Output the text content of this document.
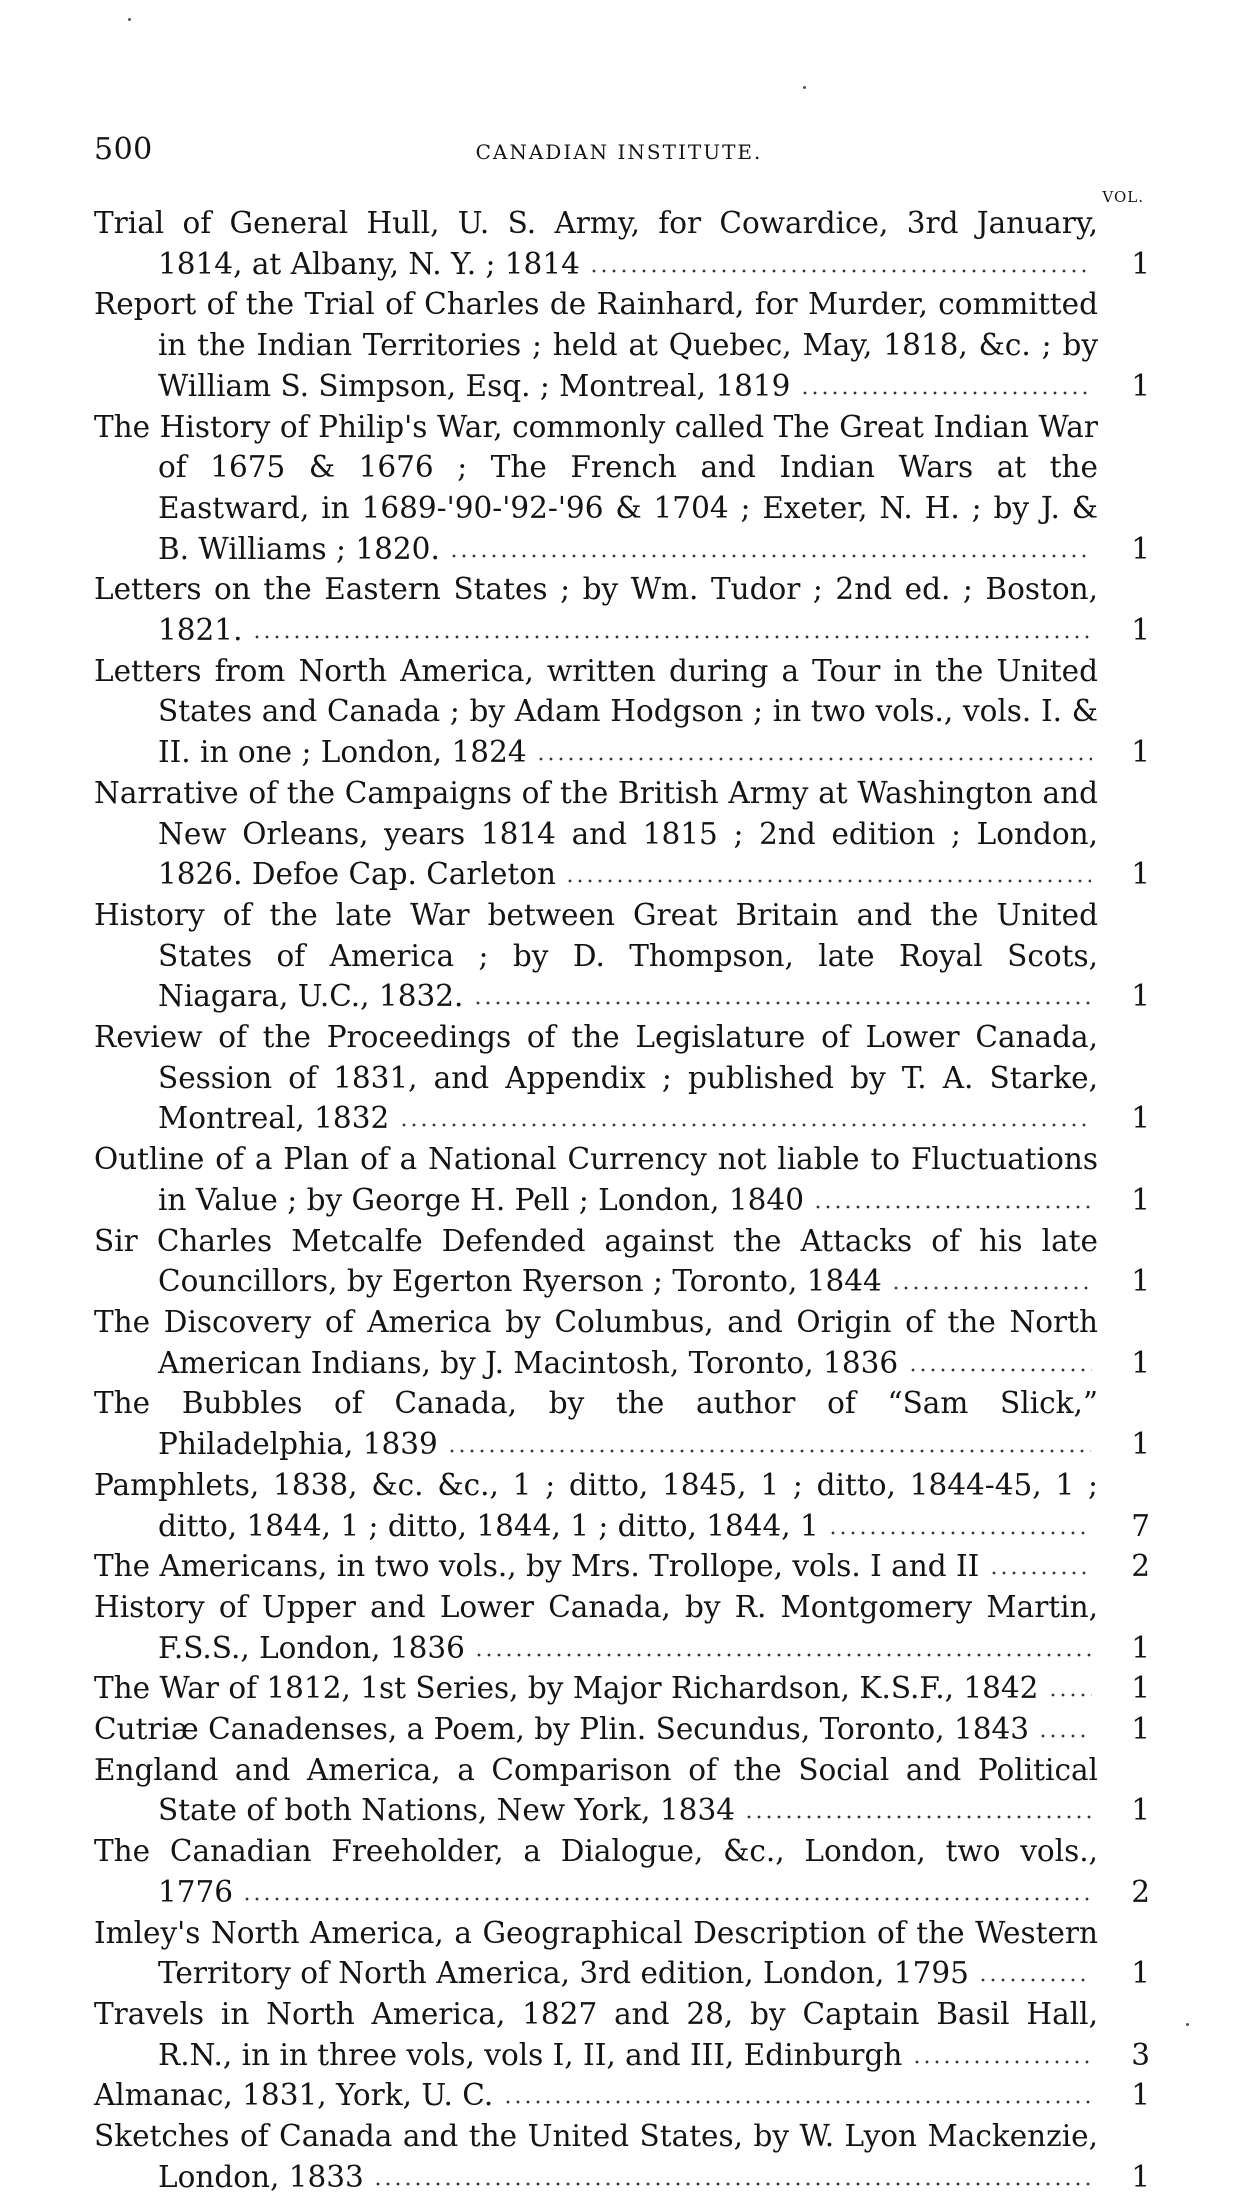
500	CANADIAN INSTITUTE.
VOL.

Trial of General Hull, U. S. Army, for Cowardice, 3rd January, 1814, at Albany, N. Y. ; 1814	1

Report of the Trial of Charles de Rainhard, for Murder, committed in the Indian Territories ; held at Quebec, May, 1818, &c. ; by William S. Simpson, Esq. ; Montreal, 1819	1

The History of Philip's War, commonly called The Great Indian War of 1675 & 1676 ; The French and Indian Wars at the Eastward, in 1689-'90-'92-'96 & 1704 ; Exeter, N. H. ; by J. & B. Williams ; 1820.	1

Letters on the Eastern States ; by Wm. Tudor ; 2nd ed. ; Boston, 1821.	1

Letters from North America, written during a Tour in the United States and Canada ; by Adam Hodgson ; in two vols., vols. I. & II. in one ; London, 1824	1

Narrative of the Campaigns of the British Army at Washington and New Orleans, years 1814 and 1815 ; 2nd edition ; London, 1826. Defoe Cap. Carleton	1

History of the late War between Great Britain and the United States of America ; by D. Thompson, late Royal Scots, Niagara, U.C., 1832.	1

Review of the Proceedings of the Legislature of Lower Canada, Session of 1831, and Appendix ; published by T. A. Starke, Montreal, 1832	1

Outline of a Plan of a National Currency not liable to Fluctuations in Value ; by George H. Pell ; London, 1840	1

Sir Charles Metcalfe Defended against the Attacks of his late Councillors, by Egerton Ryerson ; Toronto, 1844	1

The Discovery of America by Columbus, and Origin of the North American Indians, by J. Macintosh, Toronto, 1836	1

The Bubbles of Canada, by the author of “Sam Slick,” Philadelphia, 1839	1

Pamphlets, 1838, &c. &c., 1 ; ditto, 1845, 1 ; ditto, 1844-45, 1 ; ditto, 1844, 1 ; ditto, 1844, 1 ; ditto, 1844, 1	7

The Americans, in two vols., by Mrs. Trollope, vols. I and II	2

History of Upper and Lower Canada, by R. Montgomery Martin, F.S.S., London, 1836	1

The War of 1812, 1st Series, by Major Richardson, K.S.F., 1842	1

Cutriæ Canadenses, a Poem, by Plin. Secundus, Toronto, 1843	1

England and America, a Comparison of the Social and Political State of both Nations, New York, 1834	1

The Canadian Freeholder, a Dialogue, &c., London, two vols., 1776	2

Imley's North America, a Geographical Description of the Western Territory of North America, 3rd edition, London, 1795	1

Travels in North America, 1827 and 28, by Captain Basil Hall, R.N., in in three vols, vols I, II, and III, Edinburgh	3

Almanac, 1831, York, U. C.	1

Sketches of Canada and the United States, by W. Lyon Mackenzie, London, 1833	1
